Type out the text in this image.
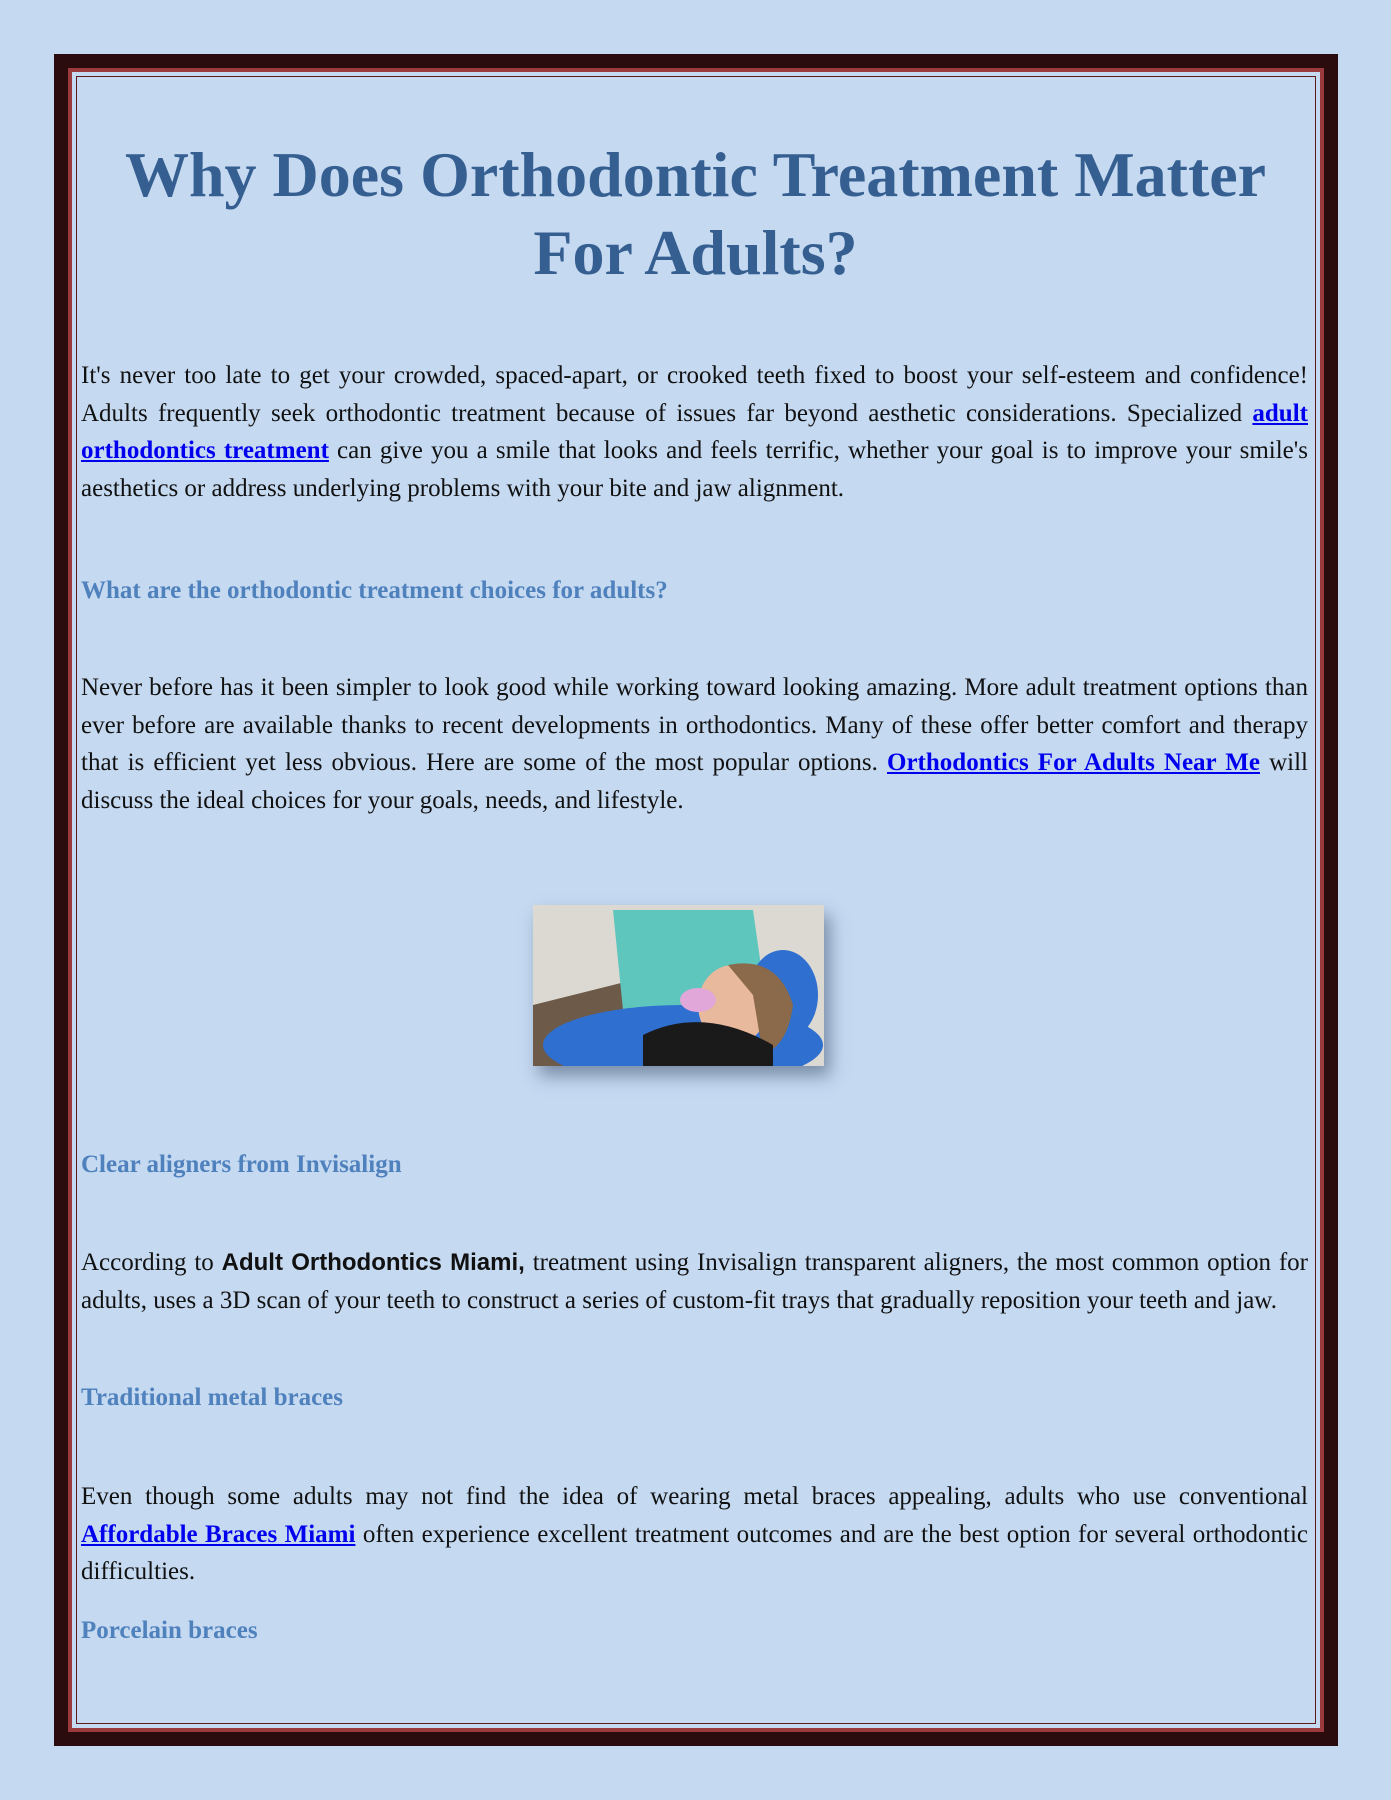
Why Does Orthodontic Treatment Matter For Adults?

It's never too late to get your crowded, spaced-apart, or crooked teeth fixed to boost your self-esteem and confidence! Adults frequently seek orthodontic treatment because of issues far beyond aesthetic considerations. Specialized adult orthodontics treatment can give you a smile that looks and feels terrific, whether your goal is to improve your smile's aesthetics or address underlying problems with your bite and jaw alignment.

What are the orthodontic treatment choices for adults?

Never before has it been simpler to look good while working toward looking amazing. More adult treatment options than ever before are available thanks to recent developments in orthodontics. Many of these offer better comfort and therapy that is efficient yet less obvious. Here are some of the most popular options. Orthodontics For Adults Near Me will discuss the ideal choices for your goals, needs, and lifestyle.

Clear aligners from Invisalign

According to Adult Orthodontics Miami, treatment using Invisalign transparent aligners, the most common option for adults, uses a 3D scan of your teeth to construct a series of custom-fit trays that gradually reposition your teeth and jaw.

Traditional metal braces

Even though some adults may not find the idea of wearing metal braces appealing, adults who use conventional Affordable Braces Miami often experience excellent treatment outcomes and are the best option for several orthodontic difficulties.

Porcelain braces
